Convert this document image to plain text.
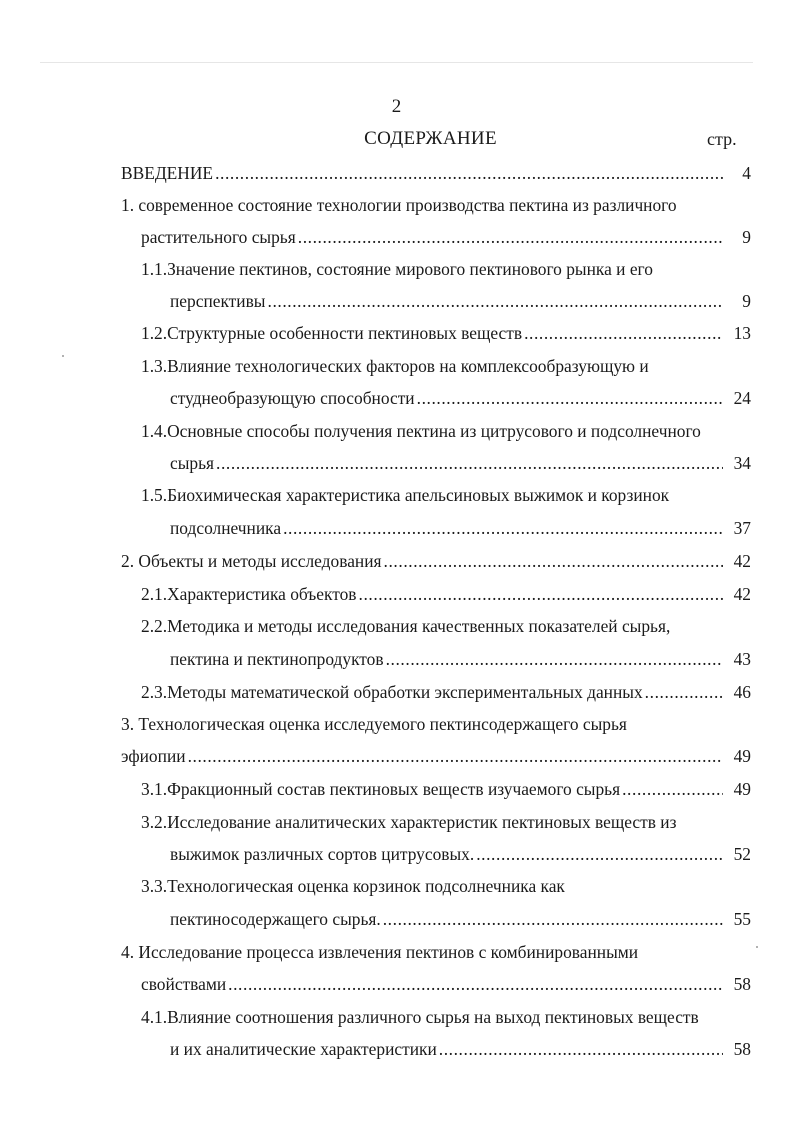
2
СОДЕРЖАНИЕ	стр.
ВВЕДЕНИЕ .....	4
1. современное состояние технологии производства пектина из различного
растительного сырья .....	9
1.1.Значение пектинов, состояние мирового пектинового рынка и его
перспективы .....	9
1.2.Структурные особенности пектиновых веществ .....	13
1.3.Влияние технологических факторов на комплексообразующую и
студнеобразующую способности .....	24
1.4.Основные способы получения пектина из цитрусового и подсолнечного
сырья .....	34
1.5.Биохимическая характеристика апельсиновых выжимок и корзинок
подсолнечника .....	37
2. Объекты и методы исследования .....	42
2.1.Характеристика объектов .....	42
2.2.Методика и методы исследования качественных показателей сырья,
пектина и пектинопродуктов .....	43
2.3.Методы математической обработки экспериментальных данных .....	46
3. Технологическая оценка исследуемого пектинсодержащего сырья
эфиопии .....	49
3.1.Фракционный состав пектиновых веществ изучаемого сырья .....	49
3.2.Исследование аналитических характеристик пектиновых веществ из
выжимок различных сортов цитрусовых. .....	52
3.3.Технологическая оценка корзинок подсолнечника как
пектиносодержащего сырья. .....	55
4. Исследование процесса извлечения пектинов с комбинированными
свойствами .....	58
4.1.Влияние соотношения различного сырья на выход пектиновых веществ
и их аналитические характеристики .....	58
